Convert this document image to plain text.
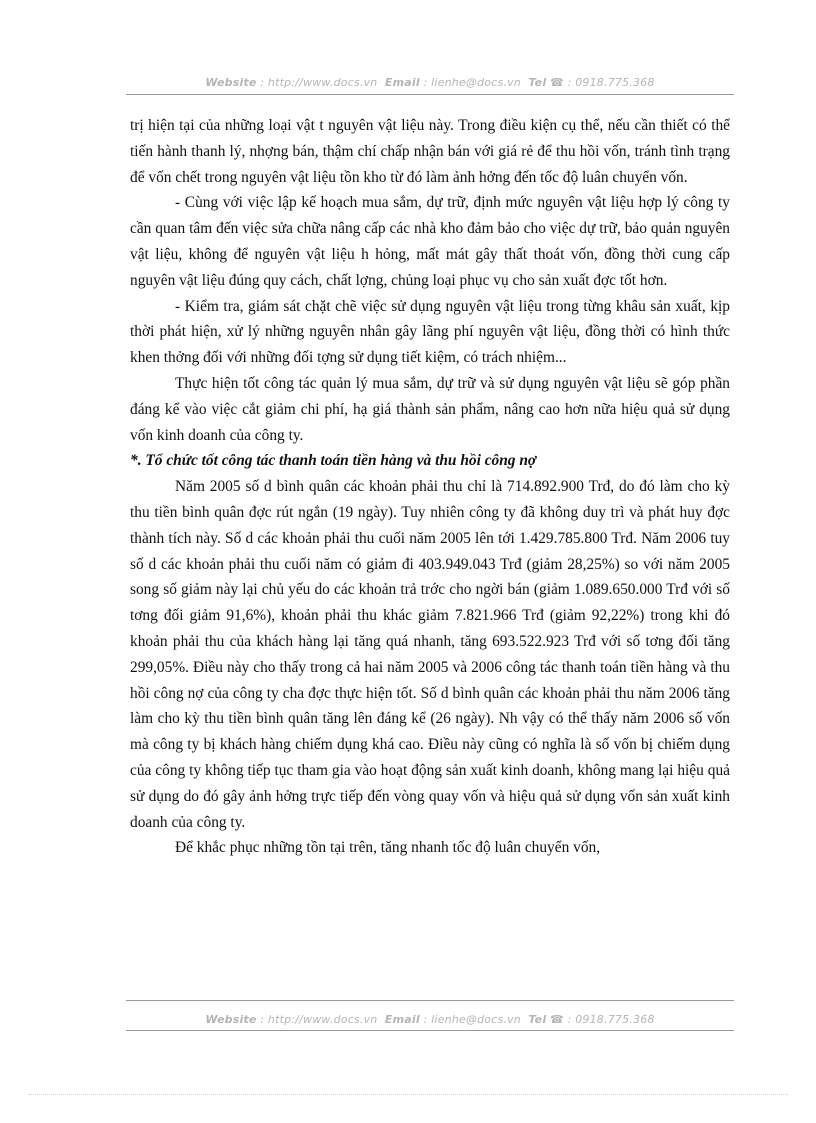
Website : http://www.docs.vn Email : lienhe@docs.vn Tel ☎ : 0918.775.368

trị hiện tại của những loại vật t nguyên vật liệu này. Trong điều kiện cụ thể, nếu cần thiết có thể tiến hành thanh lý, nhợng bán, thậm chí chấp nhận bán với giá rẻ để thu hồi vốn, tránh tình trạng để vốn chết trong nguyên vật liệu tồn kho từ đó làm ảnh hởng đến tốc độ luân chuyển vốn.

- Cùng với việc lập kế hoạch mua sắm, dự trữ, định mức nguyên vật liệu hợp lý công ty cần quan tâm đến việc sửa chữa nâng cấp các nhà kho đảm bảo cho việc dự trữ, bảo quản nguyên vật liệu, không để nguyên vật liệu h hỏng, mất mát gây thất thoát vốn, đồng thời cung cấp nguyên vật liệu đúng quy cách, chất lợng, chủng loại phục vụ cho sản xuất đợc tốt hơn.

- Kiểm tra, giám sát chặt chẽ việc sử dụng nguyên vật liệu trong từng khâu sản xuất, kịp thời phát hiện, xử lý những nguyên nhân gây lãng phí nguyên vật liệu, đồng thời có hình thức khen thởng đối với những đối tợng sử dụng tiết kiệm, có trách nhiệm...

Thực hiện tốt công tác quản lý mua sắm, dự trữ và sử dụng nguyên vật liệu sẽ góp phần đáng kể vào việc cắt giảm chi phí, hạ giá thành sản phẩm, nâng cao hơn nữa hiệu quả sử dụng vốn kinh doanh của công ty.

*. Tổ chức tốt công tác thanh toán tiền hàng và thu hồi công nợ

Năm 2005 số d bình quân các khoản phải thu chỉ là 714.892.900 Trđ, do đó làm cho kỳ thu tiền bình quân đợc rút ngắn (19 ngày). Tuy nhiên công ty đã không duy trì và phát huy đợc thành tích này. Số d các khoản phải thu cuối năm 2005 lên tới 1.429.785.800 Trđ. Năm 2006 tuy số d các khoản phải thu cuối năm có giảm đi 403.949.043 Trđ (giảm 28,25%) so với năm 2005 song số giảm này lại chủ yếu do các khoản trả trớc cho ngời bán (giảm 1.089.650.000 Trđ với số tơng đối giảm 91,6%), khoản phải thu khác giảm 7.821.966 Trđ (giảm 92,22%) trong khi đó khoản phải thu của khách hàng lại tăng quá nhanh, tăng 693.522.923 Trđ với số tơng đối tăng 299,05%. Điều này cho thấy trong cả hai năm 2005 và 2006 công tác thanh toán tiền hàng và thu hồi công nợ của công ty cha đợc thực hiện tốt. Số d bình quân các khoản phải thu năm 2006 tăng làm cho kỳ thu tiền bình quân tăng lên đáng kể (26 ngày). Nh vậy có thể thấy năm 2006 số vốn mà công ty bị khách hàng chiếm dụng khá cao. Điều này cũng có nghĩa là số vốn bị chiếm dụng của công ty không tiếp tục tham gia vào hoạt động sản xuất kinh doanh, không mang lại hiệu quả sử dụng do đó gây ảnh hởng trực tiếp đến vòng quay vốn và hiệu quả sử dụng vốn sản xuất kinh doanh của công ty.

Để khắc phục những tồn tại trên, tăng nhanh tốc độ luân chuyển vốn,

Website : http://www.docs.vn Email : lienhe@docs.vn Tel ☎ : 0918.775.368
